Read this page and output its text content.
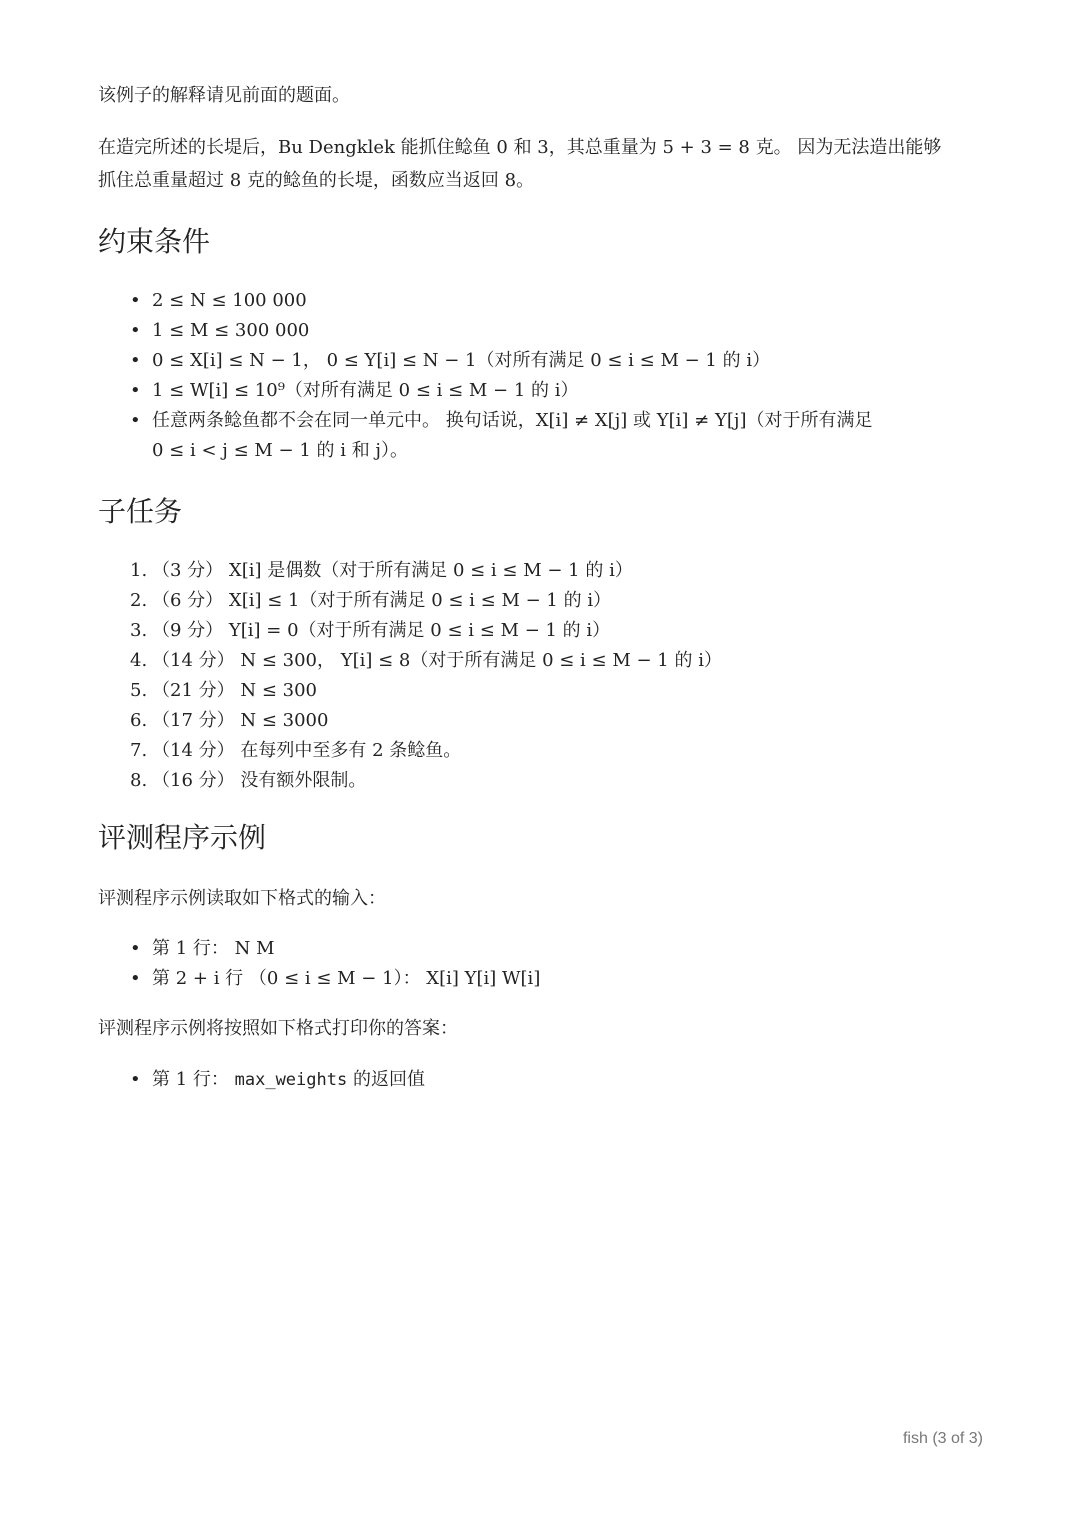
该例子的解释请见前面的题面。

在造完所述的长堤后，Bu Dengklek 能抓住鲶鱼 0 和 3，其总重量为 5 + 3 = 8 克。 因为无法造出能够

抓住总重量超过 8 克的鲶鱼的长堤，函数应当返回 8。

约束条件
• 2 ≤ N ≤ 100 000
• 1 ≤ M ≤ 300 000
• 0 ≤ X[i] ≤ N − 1， 0 ≤ Y[i] ≤ N − 1（对所有满足 0 ≤ i ≤ M − 1 的 i）
• 1 ≤ W[i] ≤ 10⁹（对所有满足 0 ≤ i ≤ M − 1 的 i）
• 任意两条鲶鱼都不会在同一单元中。 换句话说，X[i] ≠ X[j] 或 Y[i] ≠ Y[j]（对于所有满足
0 ≤ i < j ≤ M − 1 的 i 和 j）。
子任务
1. （3 分） X[i] 是偶数（对于所有满足 0 ≤ i ≤ M − 1 的 i）
2. （6 分） X[i] ≤ 1（对于所有满足 0 ≤ i ≤ M − 1 的 i）
3. （9 分） Y[i] = 0（对于所有满足 0 ≤ i ≤ M − 1 的 i）
4. （14 分） N ≤ 300， Y[i] ≤ 8（对于所有满足 0 ≤ i ≤ M − 1 的 i）
5. （21 分） N ≤ 300
6. （17 分） N ≤ 3000
7. （14 分） 在每列中至多有 2 条鲶鱼。
8. （16 分） 没有额外限制。
评测程序示例

评测程序示例读取如下格式的输入：

• 第 1 行： N M
• 第 2 + i 行 （0 ≤ i ≤ M − 1）： X[i] Y[i] W[i]

评测程序示例将按照如下格式打印你的答案：

• 第 1 行： max_weights 的返回值
fish (3 of 3)
